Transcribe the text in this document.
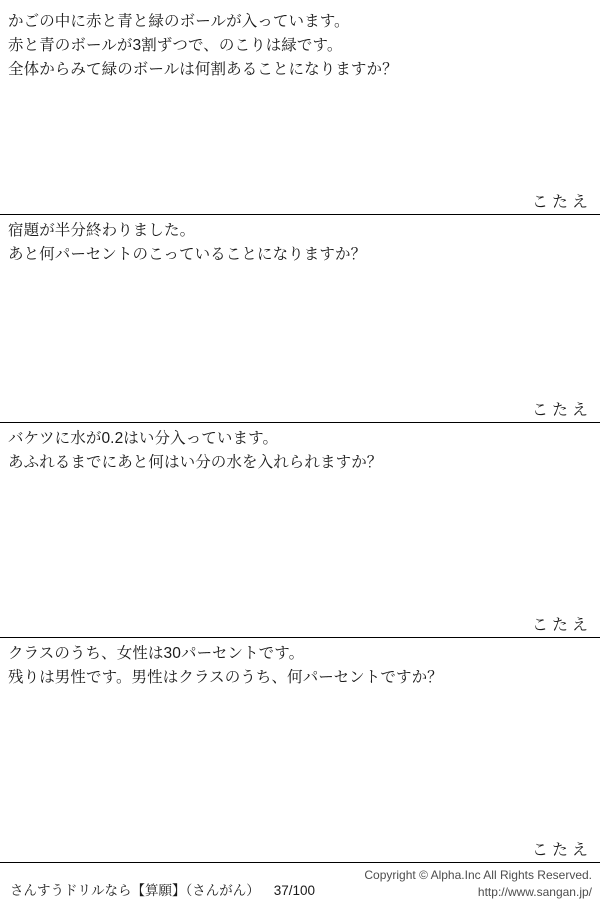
かごの中に赤と青と緑のボールが入っています。
赤と青のボールが3割ずつで、のこりは緑です。
全体からみて緑のボールは何割あることになりますか？
こたえ
宿題が半分終わりました。
あと何パーセントのこっていることになりますか？
こたえ
バケツに水が0.2はい分入っています。
あふれるまでにあと何はい分の水を入れられますか？
こたえ
クラスのうち、女性は30パーセントです。
残りは男性です。男性はクラスのうち、何パーセントですか？
こたえ
さんすうドリルなら【算願】（さんがん） 37/100
Copyright © Alpha.Inc All Rights Reserved.
http://www.sangan.jp/
